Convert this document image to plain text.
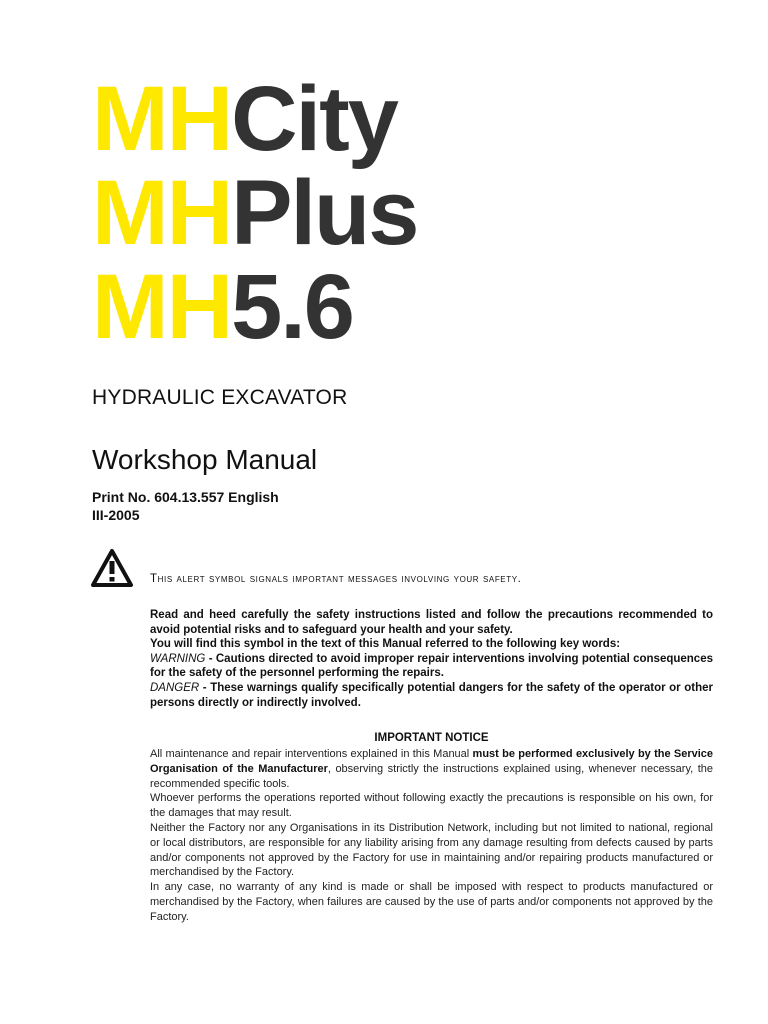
MHCity
MHPlus
MH5.6
HYDRAULIC EXCAVATOR
Workshop Manual
Print No. 604.13.557 English
III-2005
This alert symbol signals important messages involving your safety.

Read and heed carefully the safety instructions listed and follow the precautions recommended to avoid potential risks and to safeguard your health and your safety.

You will find this symbol in the text of this Manual referred to the following key words:

WARNING - Cautions directed to avoid improper repair interventions involving potential consequences for the safety of the personnel performing the repairs.

DANGER - These warnings qualify specifically potential dangers for the safety of the operator or other persons directly or indirectly involved.

IMPORTANT NOTICE

All maintenance and repair interventions explained in this Manual must be performed exclusively by the Service Organisation of the Manufacturer, observing strictly the instructions explained using, whenever necessary, the recommended specific tools.

Whoever performs the operations reported without following exactly the precautions is responsible on his own, for the damages that may result.

Neither the Factory nor any Organisations in its Distribution Network, including but not limited to national, regional or local distributors, are responsible for any liability arising from any damage resulting from defects caused by parts and/or components not approved by the Factory for use in maintaining and/or repairing products manufactured or merchandised by the Factory.

In any case, no warranty of any kind is made or shall be imposed with respect to products manufactured or merchandised by the Factory, when failures are caused by the use of parts and/or components not approved by the Factory.
